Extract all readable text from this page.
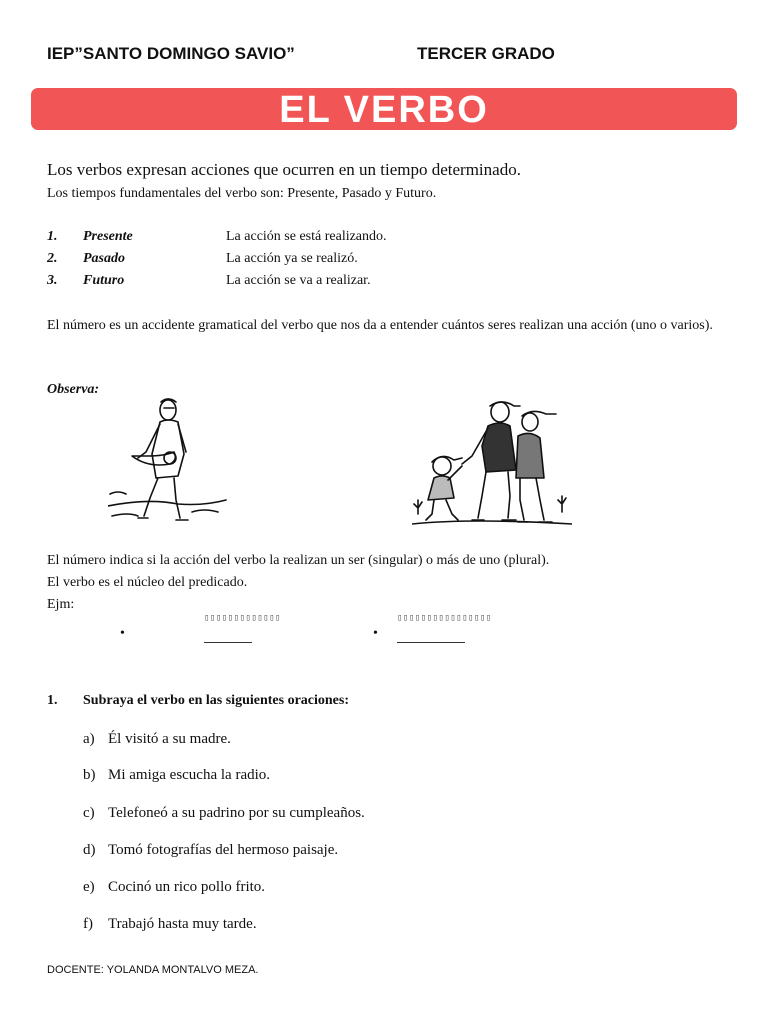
IEP”SANTO DOMINGO SAVIO”	TERCER GRADO
EL VERBO
Los verbos expresan acciones que ocurren en un tiempo determinado.
Los tiempos fundamentales del verbo son: Presente, Pasado y Futuro.
1. Presente	La acción se está realizando.
2. Pasado	La acción ya se realizó.
3. Futuro	La acción se va a realizar.
El número es un accidente gramatical del verbo que nos da a entender cuántos seres realizan una acción (uno o varios).
Observa:
El número indica si la acción del verbo la realizan un ser (singular) o más de uno (plural).
El verbo es el núcleo del predicado.
Ejm:
•
▯▯▯▯▯▯▯▯▯▯▯▯▯
•
▯▯▯▯▯▯▯▯▯▯▯▯▯▯▯▯
1. Subraya el verbo en las siguientes oraciones:
a) Él visitó a su madre.
b) Mi amiga escucha la radio.
c) Telefoneó a su padrino por su cumpleaños.
d) Tomó fotografías del hermoso paisaje.
e) Cocinó un rico pollo frito.
f) Trabajó hasta muy tarde.
DOCENTE: YOLANDA MONTALVO MEZA.
